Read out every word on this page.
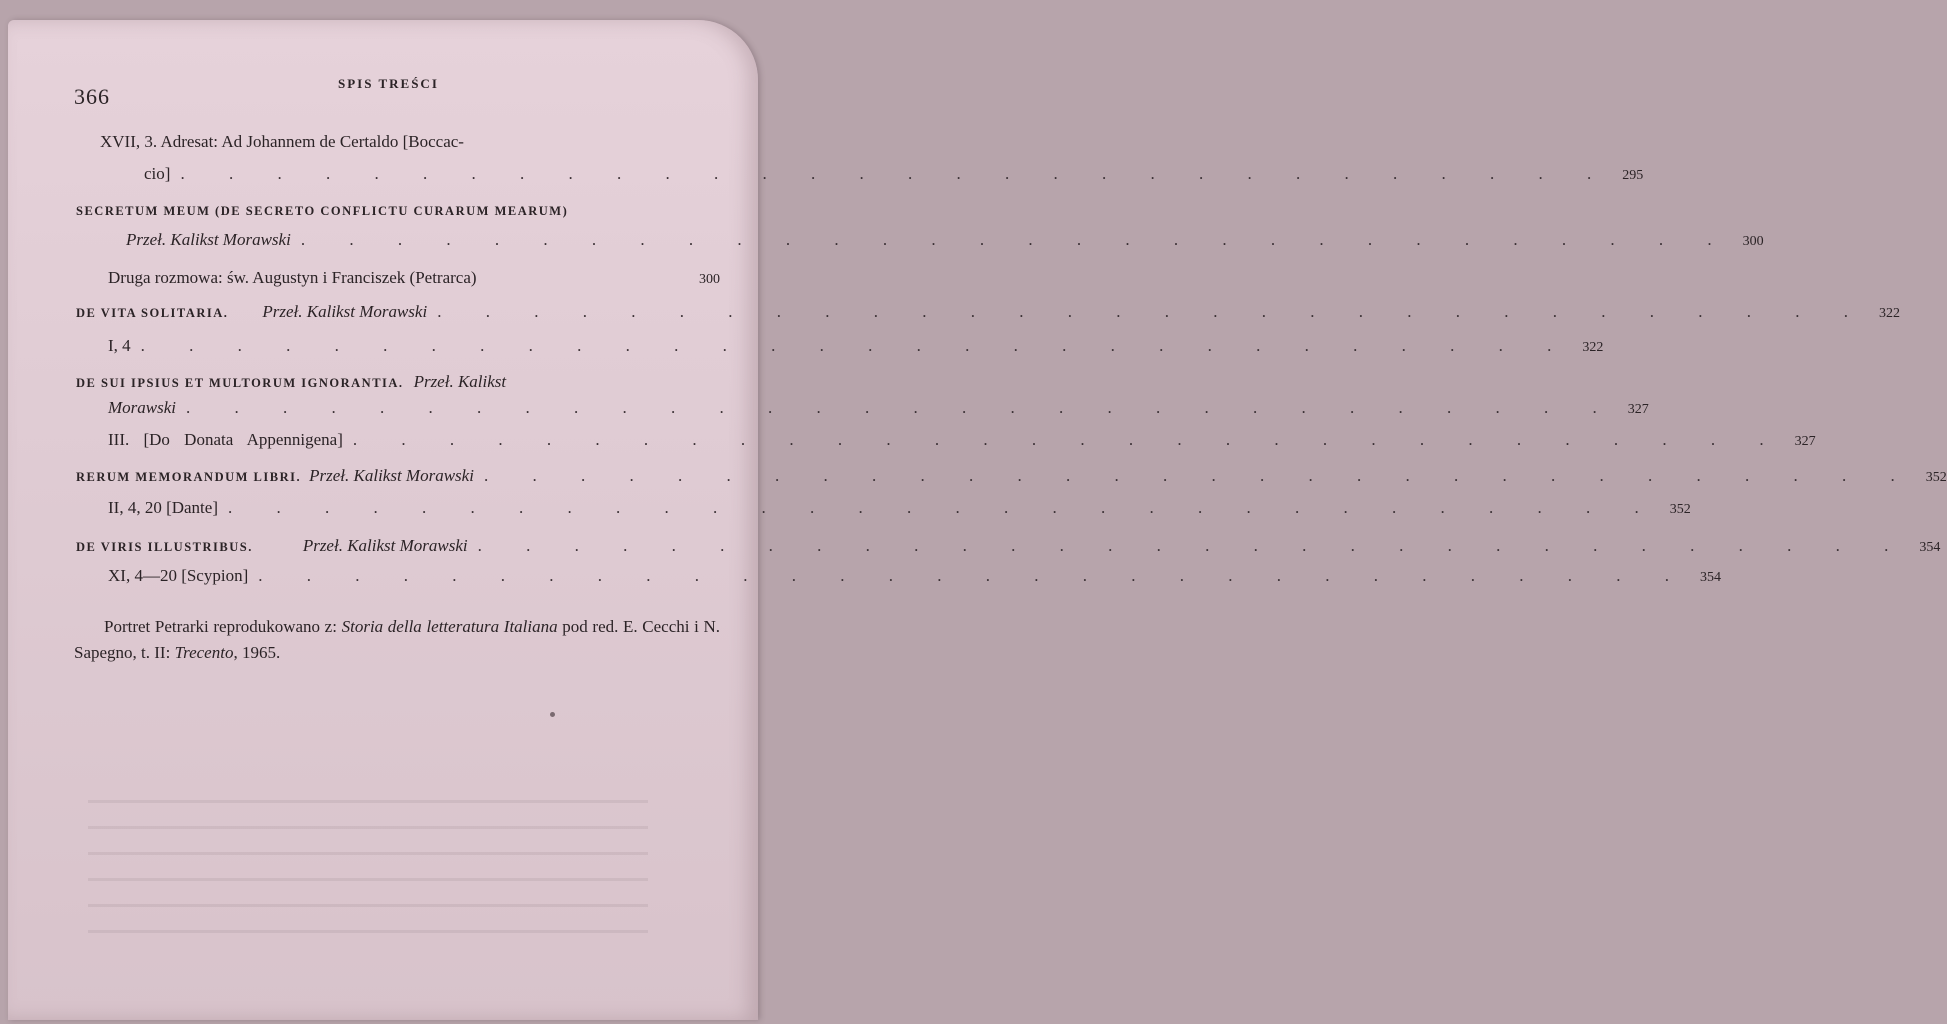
366
SPIS TREŚCI
XVII, 3. Adresat: Ad Johannem de Certaldo [Boccac-
cio] . . . . . . . . . . . . . . . . . . . . . . . . . . . . . . 295
SECRETUM MEUM (DE SECRETO CONFLICTU CURARUM MEARUM)
Przeł. Kalikst Morawski . . . . . . . . . . . . . . . . . . . . . . . . . . . . . . 300
Druga rozmowa: św. Augustyn i Franciszek (Petrarca)	300
DE VITA SOLITARIA. Przeł. Kalikst Morawski . . . . . . . . . . . . . . . . . . . . . . . . . . . . . . 322
I, 4 . . . . . . . . . . . . . . . . . . . . . . . . . . . . . . 322
DE SUI IPSIUS ET MULTORUM IGNORANTIA. Przeł. Kalikst
Morawski . . . . . . . . . . . . . . . . . . . . . . . . . . . . . . 327
III. [Do Donata Appennigena] . . . . . . . . . . . . . . . . . . . . . . . . . . . . . . 327
RERUM MEMORANDUM LIBRI. Przeł. Kalikst Morawski . . . . . . . . . . . . . . . . . . . . . . . . . . . . . . 352
II, 4, 20 [Dante] . . . . . . . . . . . . . . . . . . . . . . . . . . . . . . 352
DE VIRIS ILLUSTRIBUS.	Przeł. Kalikst Morawski . . . . . . . . . . . . . . . . . . . . . . . . . . . . . . 354
XI, 4—20 [Scypion] . . . . . . . . . . . . . . . . . . . . . . . . . . . . . . 354
Portret Petrarki reprodukowano z: Storia della letteratura Italiana pod red. E. Cecchi i N. Sapegno, t. II: Trecento, 1965.
